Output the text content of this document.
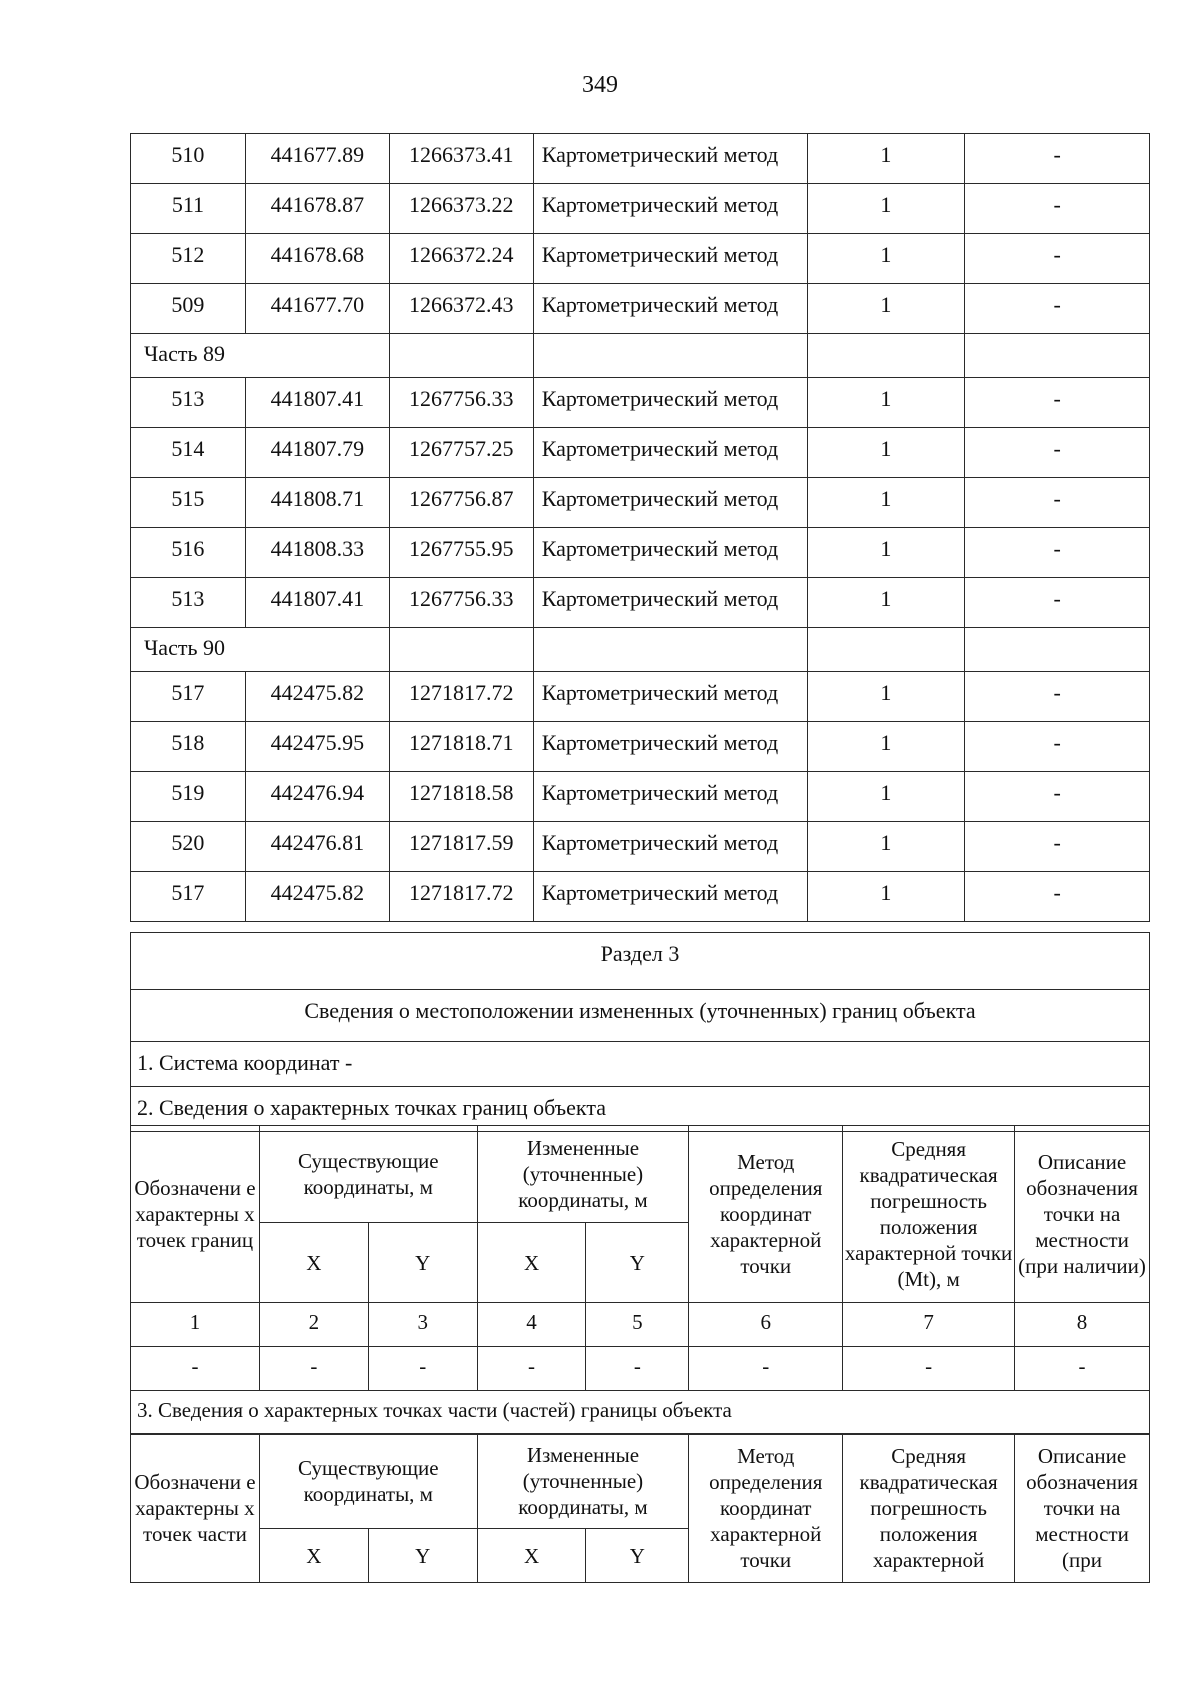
349
510	441677.89	1266373.41	Картометрический метод	1	-
511	441678.87	1266373.22	Картометрический метод	1	-
512	441678.68	1266372.24	Картометрический метод	1	-
509	441677.70	1266372.43	Картометрический метод	1	-
Часть 89					
513	441807.41	1267756.33	Картометрический метод	1	-
514	441807.79	1267757.25	Картометрический метод	1	-
515	441808.71	1267756.87	Картометрический метод	1	-
516	441808.33	1267755.95	Картометрический метод	1	-
513	441807.41	1267756.33	Картометрический метод	1	-
Часть 90					
517	442475.82	1271817.72	Картометрический метод	1	-
518	442475.95	1271818.71	Картометрический метод	1	-
519	442476.94	1271818.58	Картометрический метод	1	-
520	442476.81	1271817.59	Картометрический метод	1	-
517	442475.82	1271817.72	Картометрический метод	1	-
Раздел 3
Сведения о местоположении измененных (уточненных) границ объекта
1. Система координат -
2. Сведения о характерных точках границ объекта
Обозначени е характерны х точек границ	Существующие координаты, м		Измененные (уточненные) координаты, м		Метод определения координат характерной точки	Средняя квадратическая погрешность положения характерной точки (Mt), м	Описание обозначения точки на местности (при наличии)
	X	Y	X	Y			
1	2	3	4	5	6	7	8
-	-	-	-	-	-	-	-
3. Сведения о характерных точках части (частей) границы объекта							
Обозначени е характерны х точек части	Существующие координаты, м		Измененные (уточненные) координаты, м		Метод определения координат характерной точки	Средняя квадратическая погрешность положения характерной	Описание обозначения точки на местности (при
	X	Y	X	Y			
